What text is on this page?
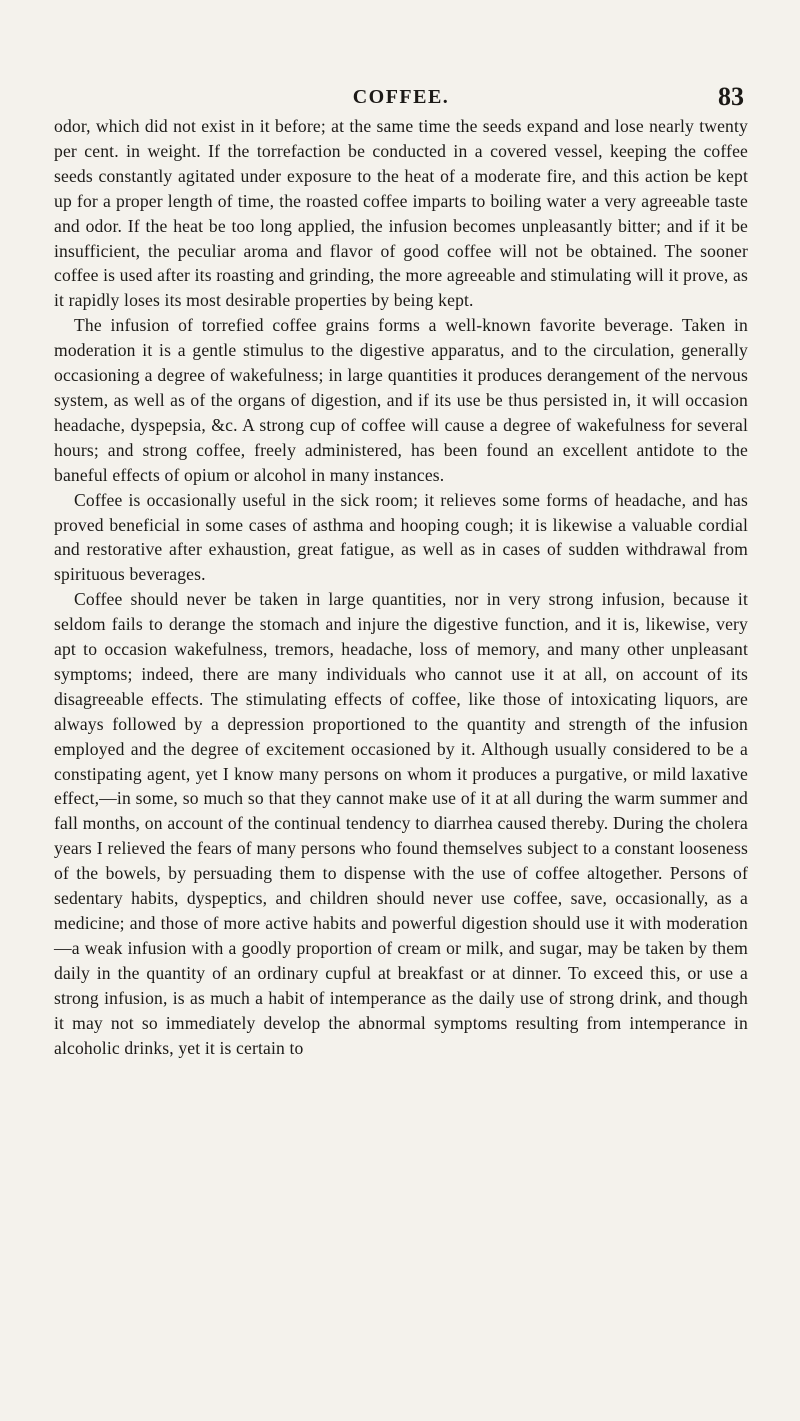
COFFEE.	83

odor, which did not exist in it before; at the same time the seeds expand and lose nearly twenty per cent. in weight. If the torrefaction be conducted in a covered vessel, keeping the coffee seeds constantly agitated under exposure to the heat of a moderate fire, and this action be kept up for a proper length of time, the roasted coffee imparts to boiling water a very agreeable taste and odor. If the heat be too long applied, the infusion becomes unpleasantly bitter; and if it be insufficient, the peculiar aroma and flavor of good coffee will not be obtained. The sooner coffee is used after its roasting and grinding, the more agreeable and stimulating will it prove, as it rapidly loses its most desirable properties by being kept.

The infusion of torrefied coffee grains forms a well-known favorite beverage. Taken in moderation it is a gentle stimulus to the digestive apparatus, and to the circulation, generally occasioning a degree of wakefulness; in large quantities it produces derangement of the nervous system, as well as of the organs of digestion, and if its use be thus persisted in, it will occasion headache, dyspepsia, &c. A strong cup of coffee will cause a degree of wakefulness for several hours; and strong coffee, freely administered, has been found an excellent antidote to the baneful effects of opium or alcohol in many instances.

Coffee is occasionally useful in the sick room; it relieves some forms of headache, and has proved beneficial in some cases of asthma and hooping cough; it is likewise a valuable cordial and restorative after exhaustion, great fatigue, as well as in cases of sudden withdrawal from spirituous beverages.

Coffee should never be taken in large quantities, nor in very strong infusion, because it seldom fails to derange the stomach and injure the digestive function, and it is, likewise, very apt to occasion wakefulness, tremors, headache, loss of memory, and many other unpleasant symptoms; indeed, there are many individuals who cannot use it at all, on account of its disagreeable effects. The stimulating effects of coffee, like those of intoxicating liquors, are always followed by a depression proportioned to the quantity and strength of the infusion employed and the degree of excitement occasioned by it. Although usually considered to be a constipating agent, yet I know many persons on whom it produces a purgative, or mild laxative effect,—in some, so much so that they cannot make use of it at all during the warm summer and fall months, on account of the continual tendency to diarrhea caused thereby. During the cholera years I relieved the fears of many persons who found themselves subject to a constant looseness of the bowels, by persuading them to dispense with the use of coffee altogether. Persons of sedentary habits, dyspeptics, and children should never use coffee, save, occasionally, as a medicine; and those of more active habits and powerful digestion should use it with moderation—a weak infusion with a goodly proportion of cream or milk, and sugar, may be taken by them daily in the quantity of an ordinary cupful at breakfast or at dinner. To exceed this, or use a strong infusion, is as much a habit of intemperance as the daily use of strong drink, and though it may not so immediately develop the abnormal symptoms resulting from intemperance in alcoholic drinks, yet it is certain to
